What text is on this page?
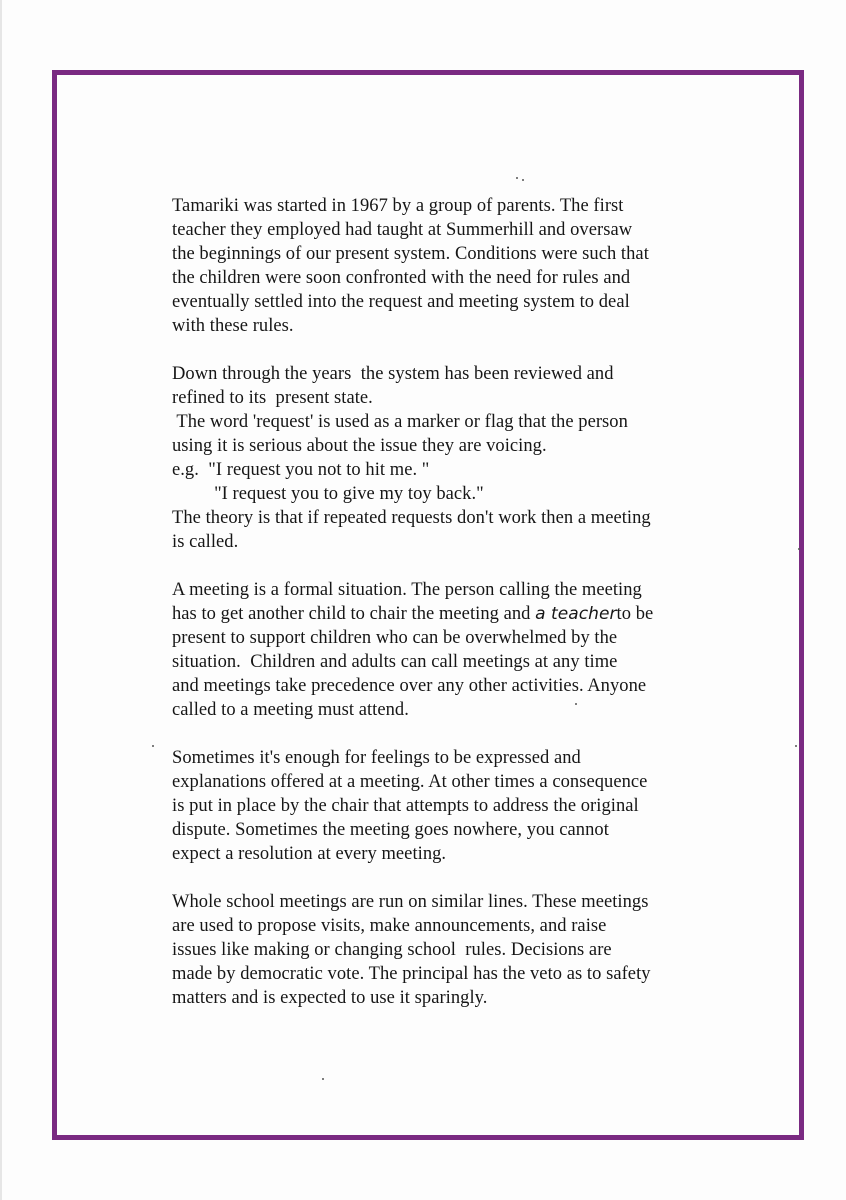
Tamariki was started in 1967 by a group of parents. The first
teacher they employed had taught at Summerhill and oversaw
the beginnings of our present system. Conditions were such that
the children were soon confronted with the need for rules and
eventually settled into the request and meeting system to deal
with these rules.
Down through the years  the system has been reviewed and
refined to its  present state.
The word 'request' is used as a marker or flag that the person
using it is serious about the issue they are voicing.
e.g.  "I request you not to hit me. "
"I request you to give my toy back."
The theory is that if repeated requests don't work then a meeting
is called.
A meeting is a formal situation. The person calling the meeting
has to get another child to chair the meeting and a teacherto be
present to support children who can be overwhelmed by the
situation.  Children and adults can call meetings at any time
and meetings take precedence over any other activities. Anyone
called to a meeting must attend.
Sometimes it's enough for feelings to be expressed and
explanations offered at a meeting. At other times a consequence
is put in place by the chair that attempts to address the original
dispute. Sometimes the meeting goes nowhere, you cannot
expect a resolution at every meeting.
Whole school meetings are run on similar lines. These meetings
are used to propose visits, make announcements, and raise
issues like making or changing school  rules. Decisions are
made by democratic vote. The principal has the veto as to safety
matters and is expected to use it sparingly.
